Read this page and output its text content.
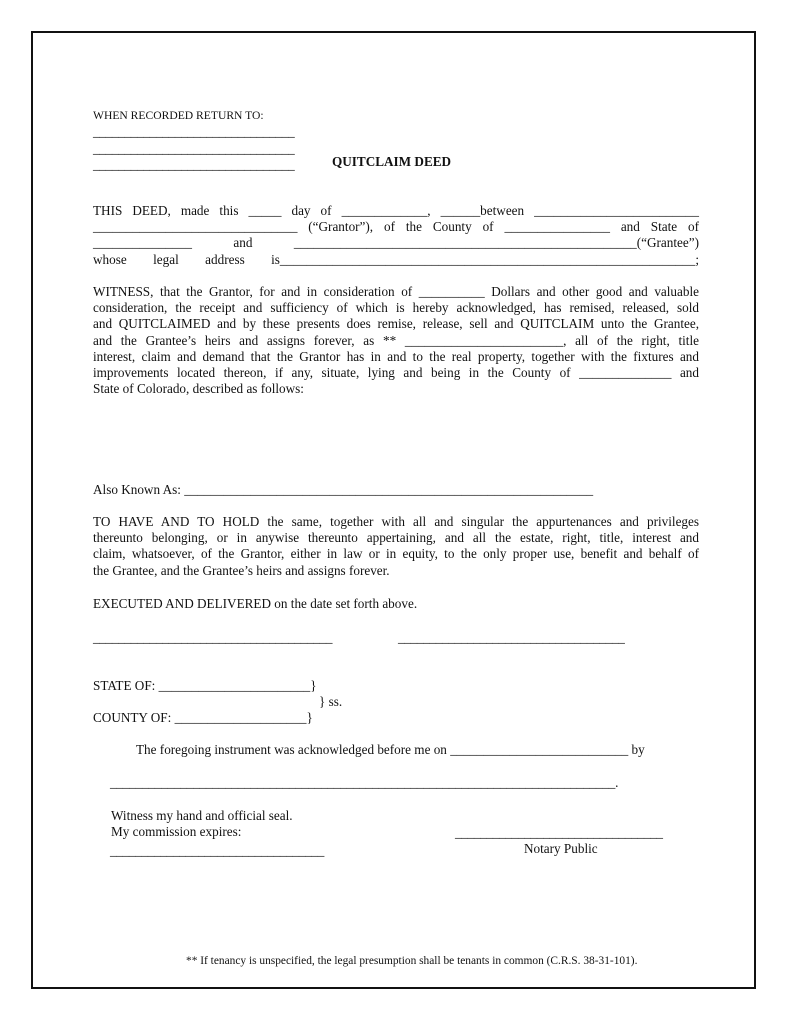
WHEN RECORDED RETURN TO:
________________________________
________________________________
________________________________	QUITCLAIM DEED
THIS DEED, made this _____ day of _____________, ______between _________________________
_______________________________ (“Grantor”), of the County of ________________ and State of
_______________ and ____________________________________________________(“Grantee”)
whose legal address is_______________________________________________________________;
WITNESS, that the Grantor, for and in consideration of __________ Dollars and other good and valuable
consideration, the receipt and sufficiency of which is hereby acknowledged, has remised, released, sold
and QUITCLAIMED and by these presents does remise, release, sell and QUITCLAIM unto the Grantee,
and the Grantee’s heirs and assigns forever, as ** ________________________, all of the right, title
interest, claim and demand that the Grantor has in and to the real property, together with the fixtures and
improvements located thereon, if any, situate, lying and being in the County of ______________ and
State of Colorado, described as follows:
Also Known As: ______________________________________________________________
TO HAVE AND TO HOLD the same, together with all and singular the appurtenances and privileges
thereunto belonging, or in anywise thereunto appertaining, and all the estate, right, title, interest and
claim, whatsoever, of the Grantor, either in law or in equity, to the only proper use, benefit and behalf of
the Grantee, and the Grantee’s heirs and assigns forever.
EXECUTED AND DELIVERED on the date set forth above.
______________________________________	____________________________________
STATE OF: _______________________}
} ss.
COUNTY OF: ____________________}
The foregoing instrument was acknowledged before me on ___________________________ by
_______________________________________________________________________________.
Witness my hand and official seal.
My commission expires:
__________________________________
_________________________________
Notary Public
** If tenancy is unspecified, the legal presumption shall be tenants in common (C.R.S. 38-31-101).
